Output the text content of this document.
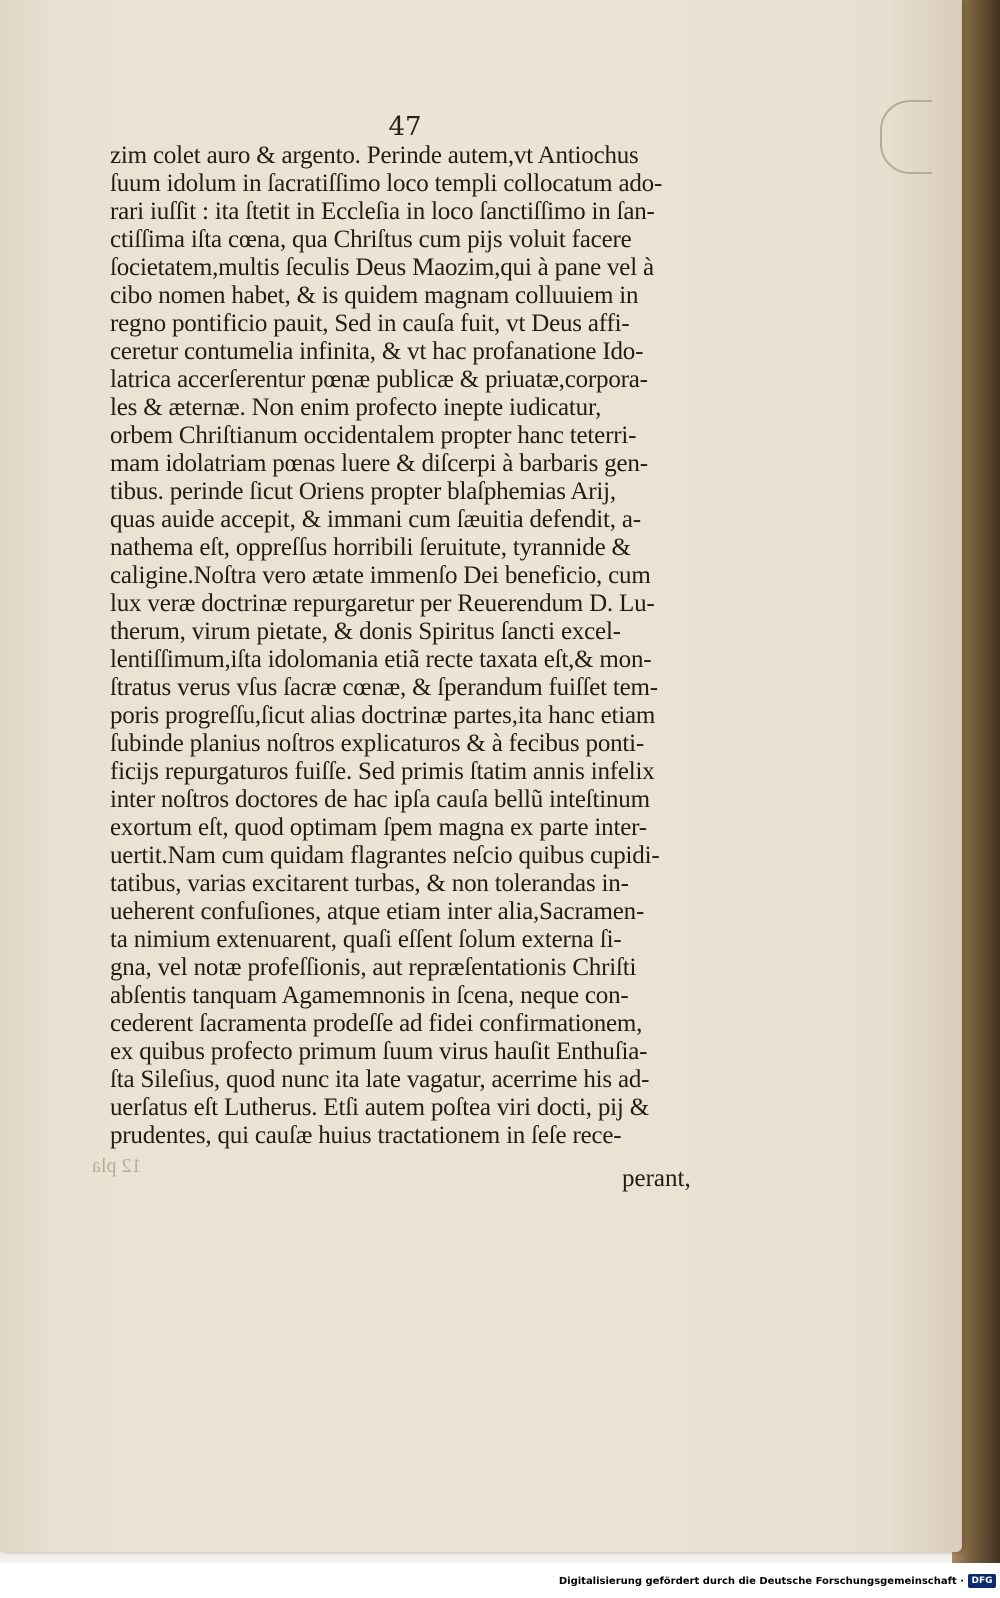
47
zim colet auro & argento. Perinde autem,vt Antiochus
ſuum idolum in ſacratiſſimo loco templi collocatum ado-
rari iuſſit : ita ſtetit in Eccleſia in loco ſanctiſſimo in ſan-
ctiſſima iſta cœna, qua Chriſtus cum pijs voluit facere
ſocietatem,multis ſeculis Deus Maozim,qui à pane vel à
cibo nomen habet, & is quidem magnam colluuiem in
regno pontificio pauit, Sed in cauſa fuit, vt Deus affi-
ceretur contumelia infinita, & vt hac profanatione Ido-
latrica accerſerentur pœnæ publicæ & priuatæ,corpora-
les & æternæ. Non enim profecto inepte iudicatur,
orbem Chriſtianum occidentalem propter hanc teterri-
mam idolatriam pœnas luere & diſcerpi à barbaris gen-
tibus. perinde ſicut Oriens propter blaſphemias Arij,
quas auide accepit, & immani cum ſæuitia defendit, a-
nathema eſt, oppreſſus horribili ſeruitute, tyrannide &
caligine.Noſtra vero ætate immenſo Dei beneficio, cum
lux veræ doctrinæ repurgaretur per Reuerendum D. Lu-
therum, virum pietate, & donis Spiritus ſancti excel-
lentiſſimum,iſta idolomania etiã recte taxata eſt,& mon-
ſtratus verus vſus ſacræ cœnæ, & ſperandum fuiſſet tem-
poris progreſſu,ſicut alias doctrinæ partes,ita hanc etiam
ſubinde planius noſtros explicaturos & à fecibus ponti-
ficijs repurgaturos fuiſſe. Sed primis ſtatim annis infelix
inter noſtros doctores de hac ipſa cauſa bellũ inteſtinum
exortum eſt, quod optimam ſpem magna ex parte inter-
uertit.Nam cum quidam flagrantes neſcio quibus cupidi-
tatibus, varias excitarent turbas, & non tolerandas in-
ueherent confuſiones, atque etiam inter alia,Sacramen-
ta nimium extenuarent, quaſi eſſent ſolum externa ſi-
gna, vel notæ profeſſionis, aut repræſentationis Chriſti
abſentis tanquam Agamemnonis in ſcena, neque con-
cederent ſacramenta prodeſſe ad fidei confirmationem,
ex quibus profecto primum ſuum virus hauſit Enthuſia-
ſta Sileſius, quod nunc ita late vagatur, acerrime his ad-
uerſatus eſt Lutherus. Etſi autem poſtea viri docti, pij &
prudentes, qui cauſæ huius tractationem in ſeſe rece-
12 pla	perant,
Digitalisierung gefördert durch die Deutsche Forschungsgemeinschaft · DFG
